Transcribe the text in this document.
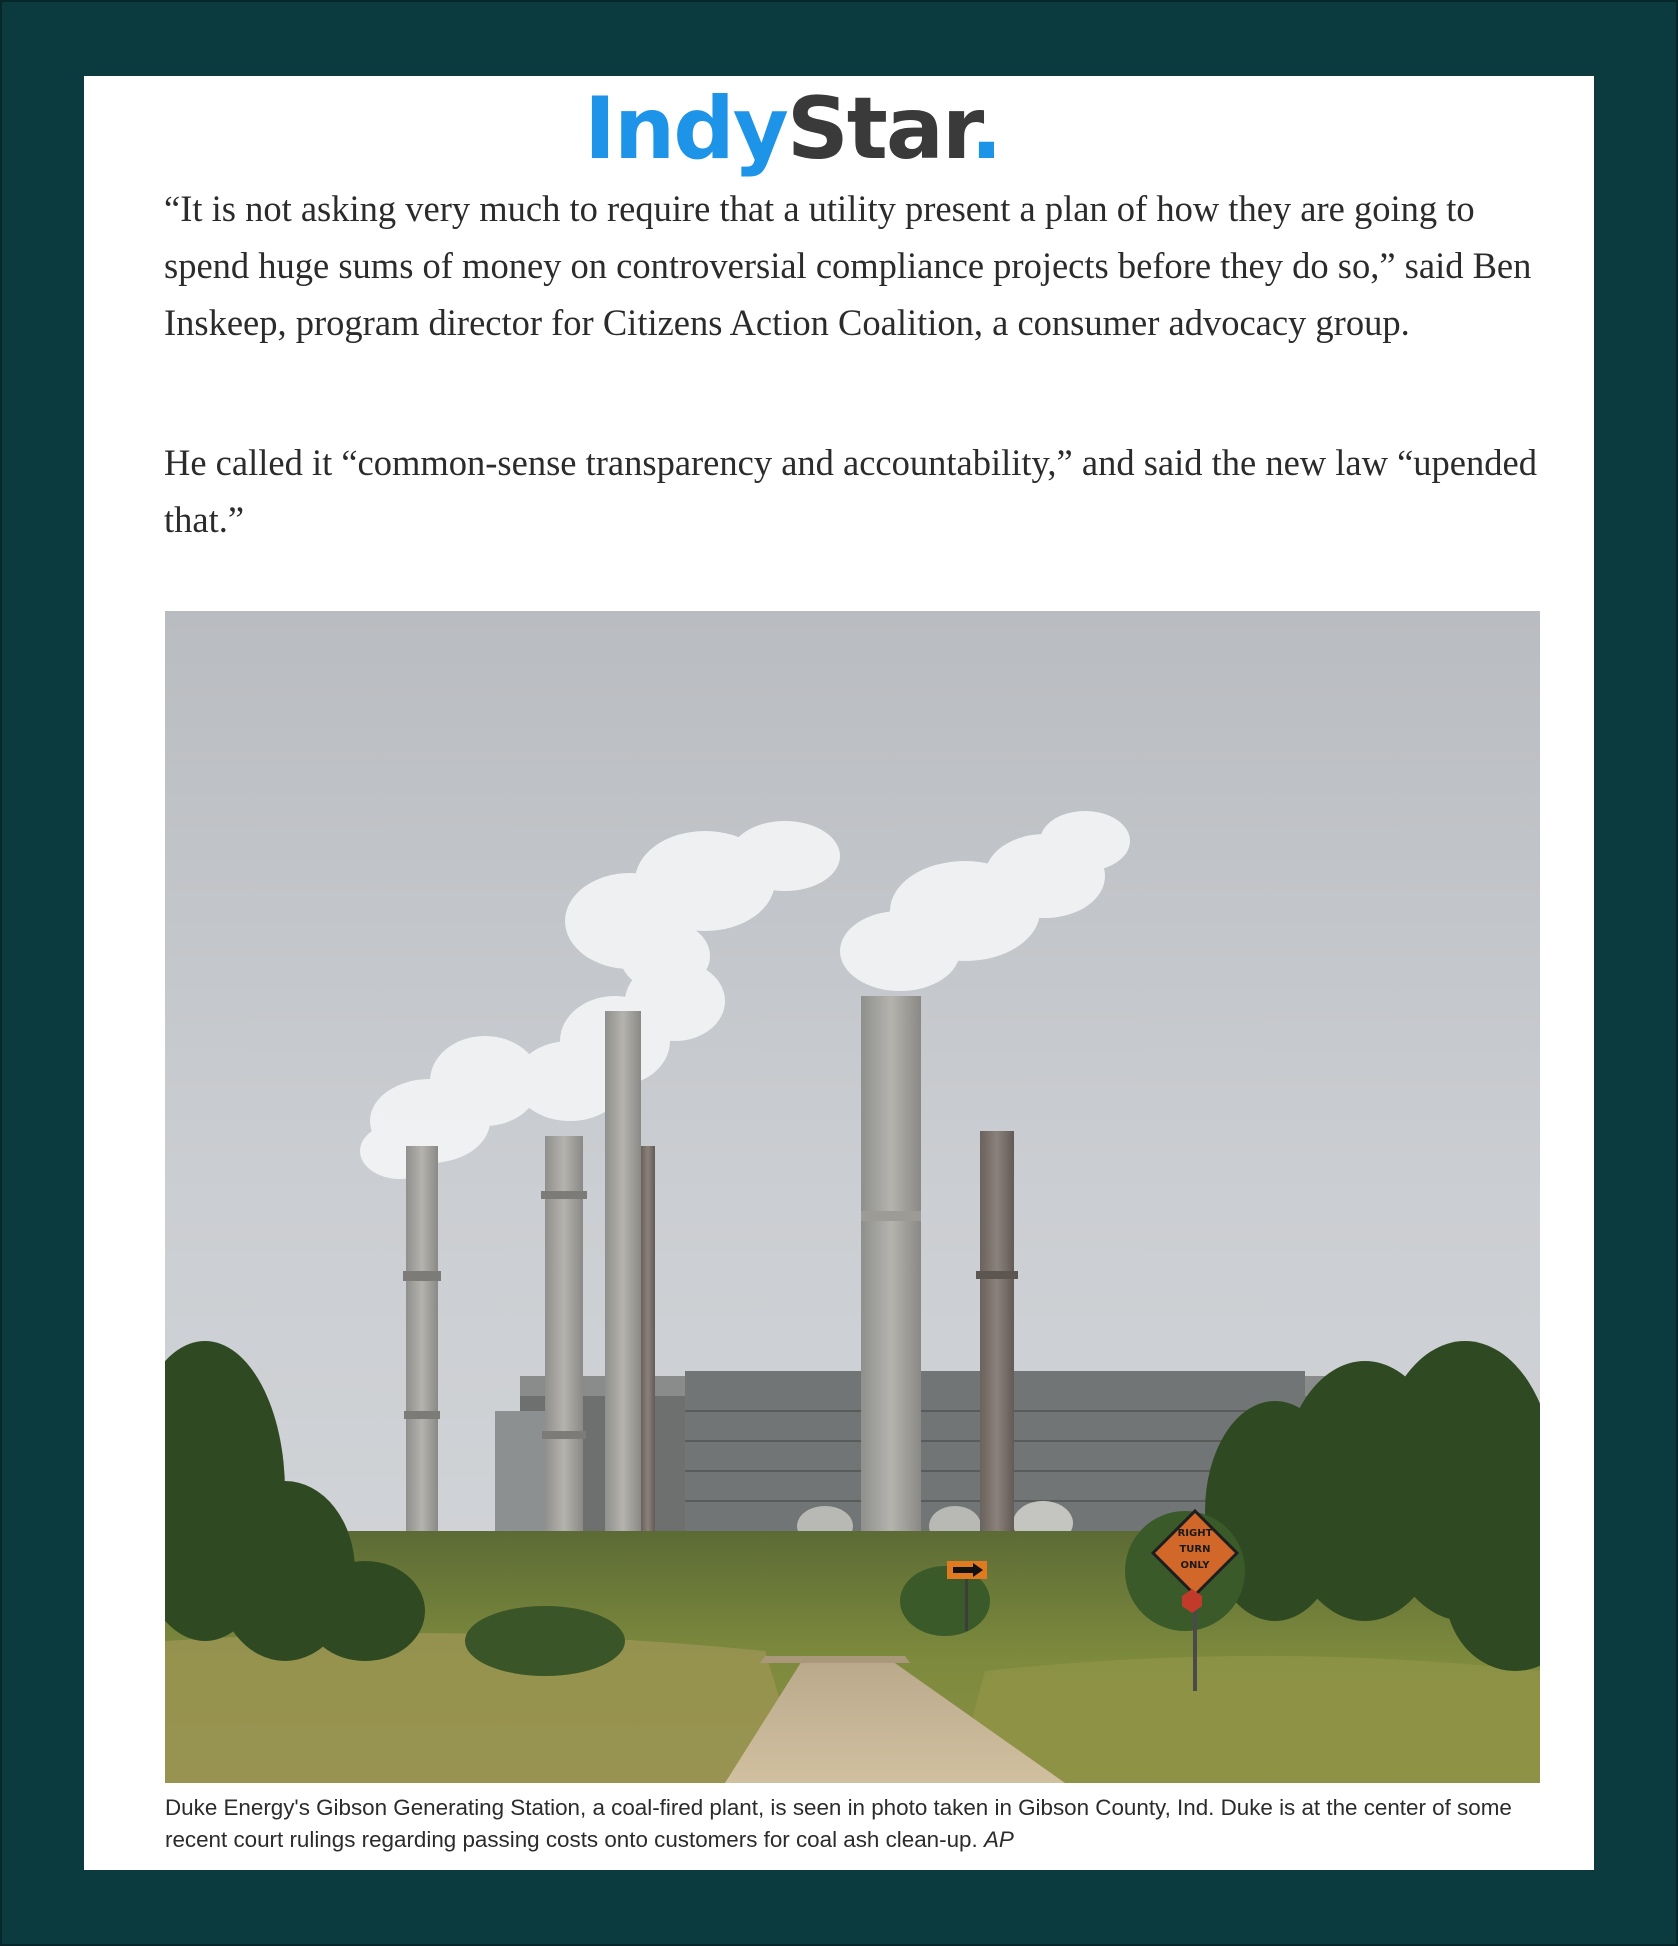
IndyStar.

“It is not asking very much to require that a utility present a plan of how they are going to spend huge sums of money on controversial compliance projects before they do so,” said Ben Inskeep, program director for Citizens Action Coalition, a consumer advocacy group.

He called it “common-sense transparency and accountability,” and said the new law “upended that.”

RIGHT
TURN
ONLY

Duke Energy's Gibson Generating Station, a coal-fired plant, is seen in photo taken in Gibson County, Ind. Duke is at the center of some recent court rulings regarding passing costs onto customers for coal ash clean-up. AP
